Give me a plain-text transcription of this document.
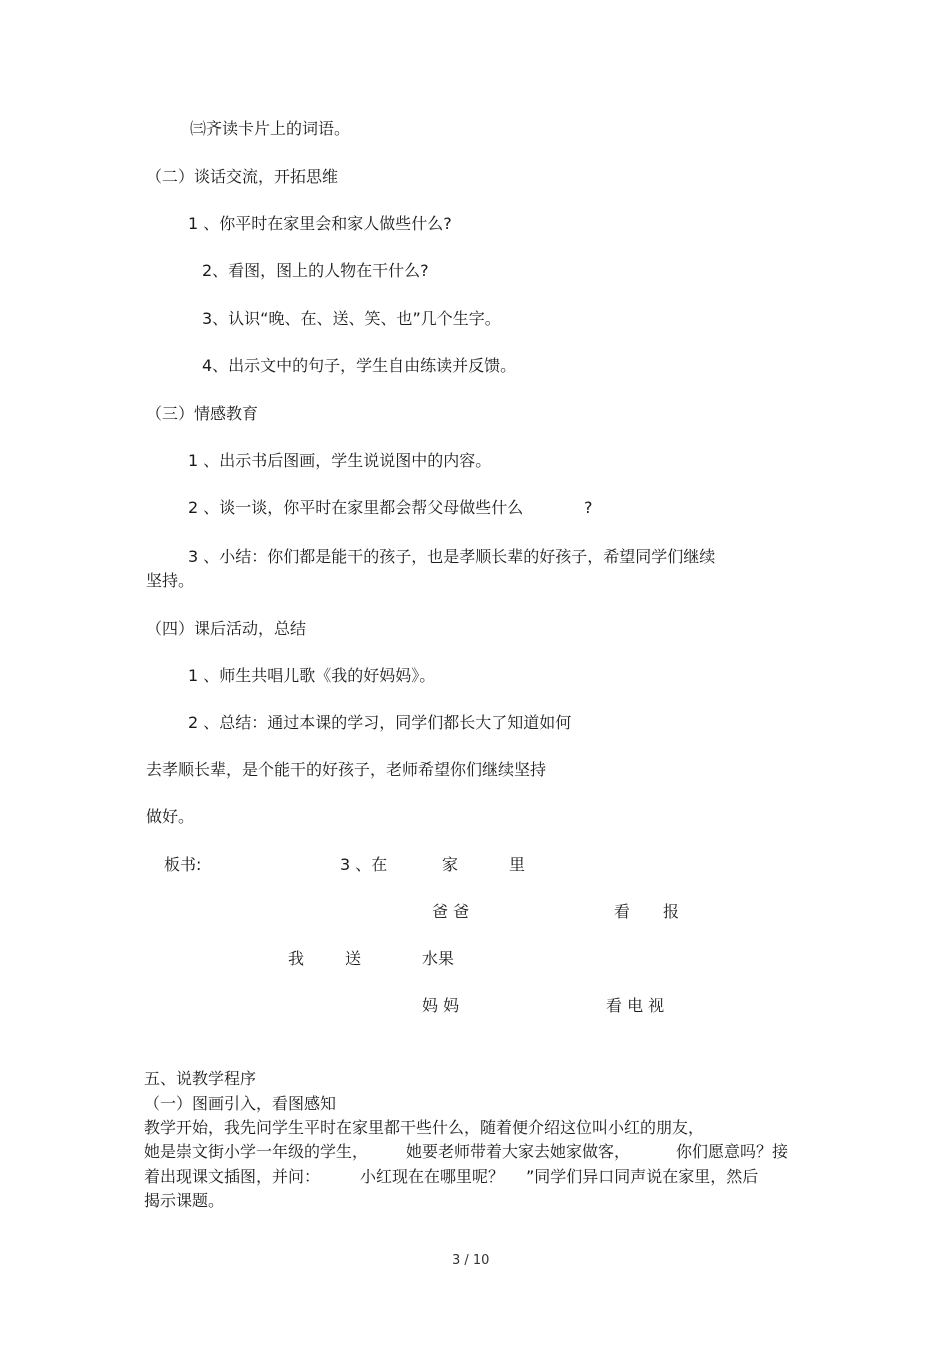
㈢齐读卡片上的词语。
（二）谈话交流，开拓思维
1 、你平时在家里会和家人做些什么?
2、看图，图上的人物在干什么?
3、认识“晚、在、送、笑、也”几个生字。
4、出示文中的句子，学生自由练读并反馈。
（三）情感教育
1 、出示书后图画，学生说说图中的内容。
2 、谈一谈，你平时在家里都会帮父母做些什么	?
3 、小结：你们都是能干的孩子，也是孝顺长辈的好孩子，希望同学们继续
坚持。
（四）课后活动，总结
1 、师生共唱儿歌《我的好妈妈》。
2 、总结：通过本课的学习，同学们都长大了知道如何
去孝顺长辈，是个能干的好孩子，老师希望你们继续坚持
做好。
板书:	3 、在	家	里
爸 爸	看 报
我	送	水果
妈 妈	看 电 视
五、说教学程序
（一）图画引入，看图感知
教学开始，我先问学生平时在家里都干些什么，随着便介绍这位叫小红的朋友，
她是崇文街小学一年级的学生， 她要老师带着大家去她家做客，	你们愿意吗？接
着出现课文插图，并问： 小红现在在哪里呢？ ”同学们异口同声说在家里，然后
揭示课题。
3 / 10
